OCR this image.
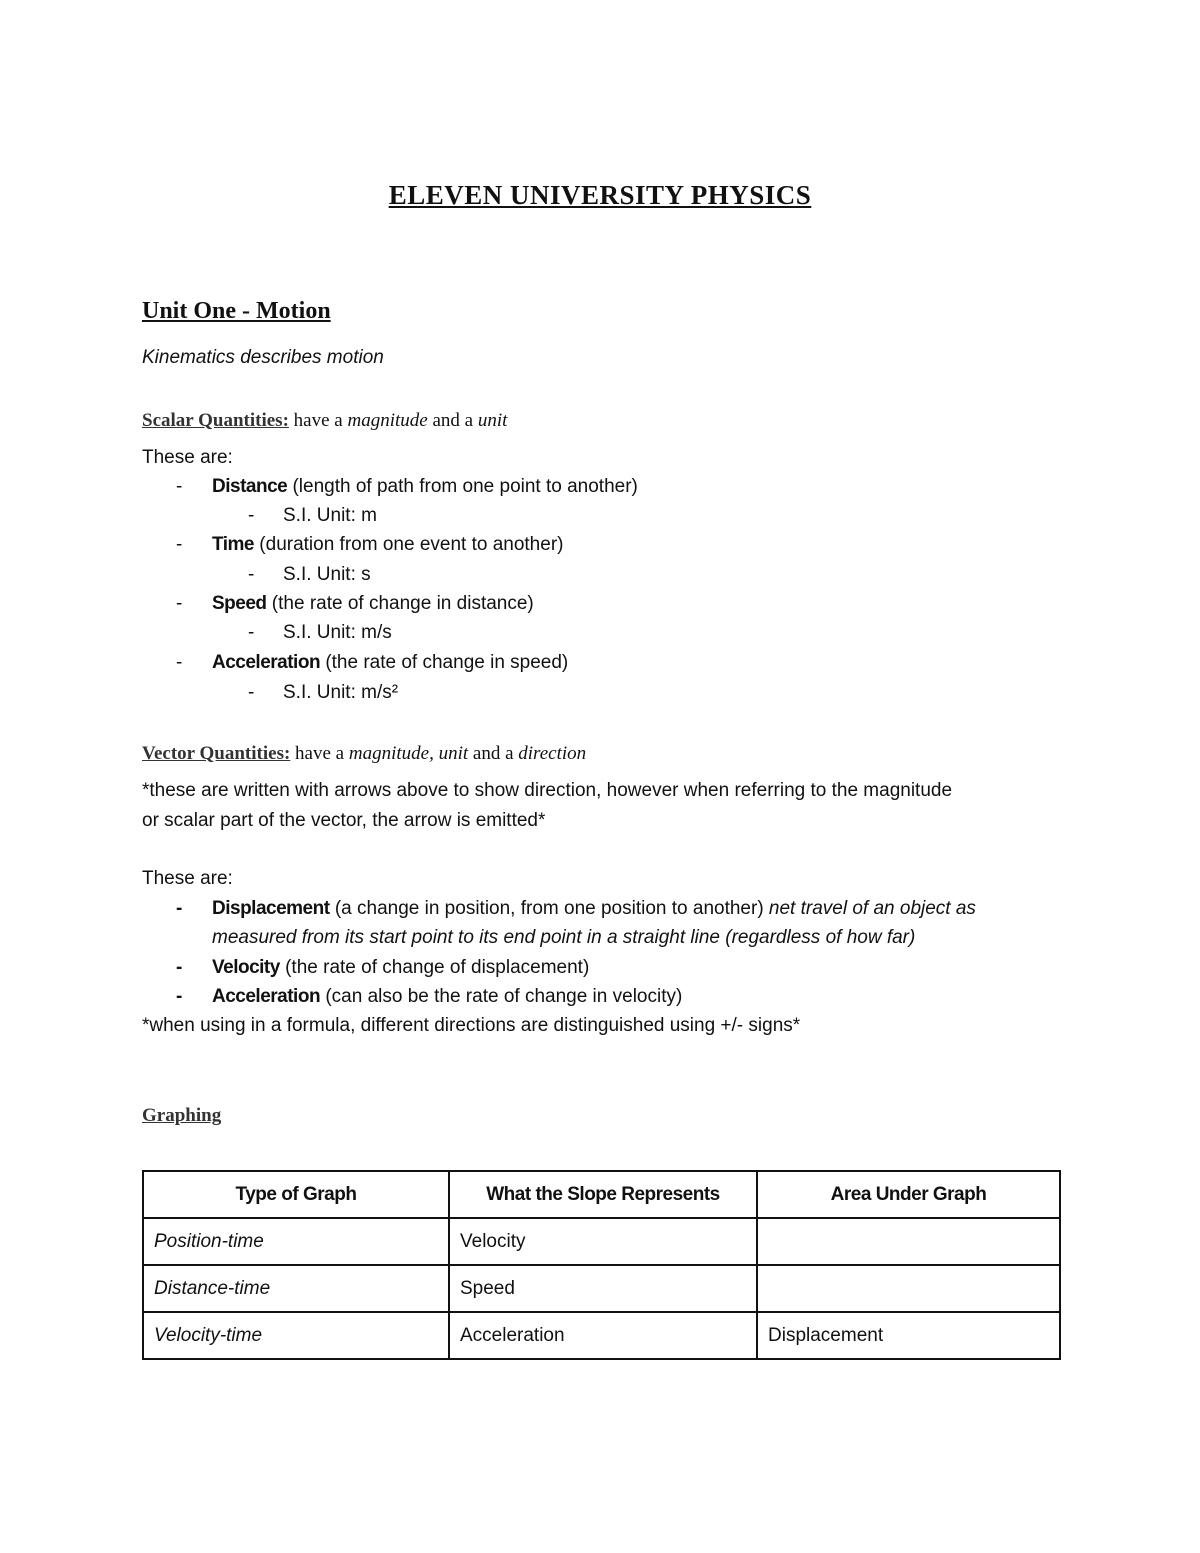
ELEVEN UNIVERSITY PHYSICS
Unit One - Motion
Kinematics describes motion
Scalar Quantities: have a magnitude and a unit
These are:
- Distance (length of path from one point to another)
- S.I. Unit: m
- Time (duration from one event to another)
- S.I. Unit: s
- Speed (the rate of change in distance)
- S.I. Unit: m/s
- Acceleration (the rate of change in speed)
- S.I. Unit: m/s²
Vector Quantities: have a magnitude, unit and a direction
*these are written with arrows above to show direction, however when referring to the magnitude
or scalar part of the vector, the arrow is emitted*
These are:
- Displacement (a change in position, from one position to another) net travel of an object as
measured from its start point to its end point in a straight line (regardless of how far)
- Velocity (the rate of change of displacement)
- Acceleration (can also be the rate of change in velocity)
*when using in a formula, different directions are distinguished using +/- signs*
Graphing
Type of Graph	What the Slope Represents	Area Under Graph
Position-time	Velocity	
Distance-time	Speed	
Velocity-time	Acceleration	Displacement
